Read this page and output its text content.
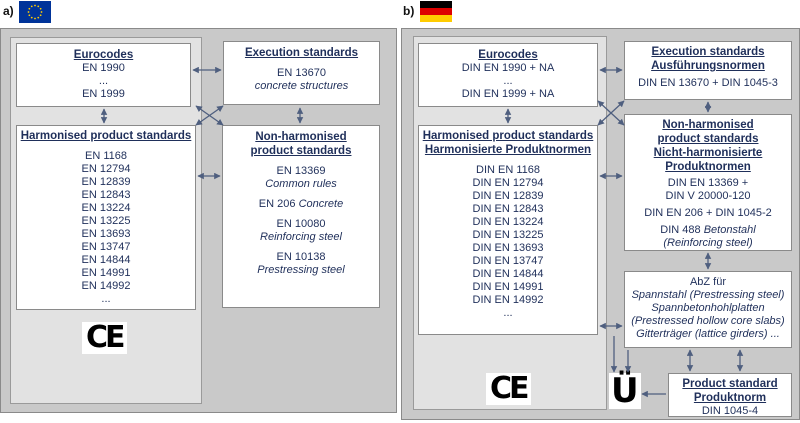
a)
Eurocodes
EN 1990
...
EN 1999
Execution standards
EN 13670
concrete structures
Harmonised product standards
EN 1168
EN 12794
EN 12839
EN 12843
EN 13224
EN 13225
EN 13693
EN 13747
EN 14844
EN 14991
EN 14992
...
CE
Non-harmonised
product standards
EN 13369
Common rules
EN 206 Concrete
EN 10080
Reinforcing steel
EN 10138
Prestressing steel
b)
Eurocodes
DIN EN 1990 + NA
...
DIN EN 1999 + NA
Execution standards
Ausführungsnormen
DIN EN 13670 + DIN 1045-3
Harmonised product standards
Harmonisierte Produktnormen
DIN EN 1168
DIN EN 12794
DIN EN 12839
DIN EN 12843
DIN EN 13224
DIN EN 13225
DIN EN 13693
DIN EN 13747
DIN EN 14844
DIN EN 14991
DIN EN 14992
...
CE
Non-harmonised
product standards
Nicht-harmonisierte
Produktnormen
DIN EN 13369 +
DIN V 20000-120
DIN EN 206 + DIN 1045-2
DIN 488 Betonstahl
(Reinforcing steel)
AbZ für
Spannstahl (Prestressing steel)
Spannbetonhohlplatten
(Prestressed hollow core slabs)
Gitterträger (lattice girders) ...
Product standard
Produktnorm
DIN 1045-4
Ü
